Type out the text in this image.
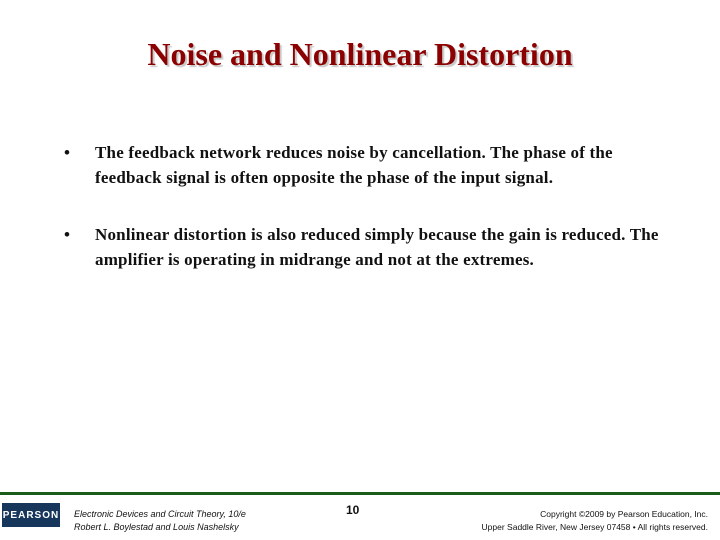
Noise and Nonlinear Distortion
• The feedback network reduces noise by cancellation. The phase of the feedback signal is often opposite the phase of the input signal.
• Nonlinear distortion is also reduced simply because the gain is reduced. The amplifier is operating in midrange and not at the extremes.
PEARSON Electronic Devices and Circuit Theory, 10/e
Robert L. Boylestad and Louis Nashelsky
10	Copyright ©2009 by Pearson Education, Inc.
Upper Saddle River, New Jersey 07458 • All rights reserved.
